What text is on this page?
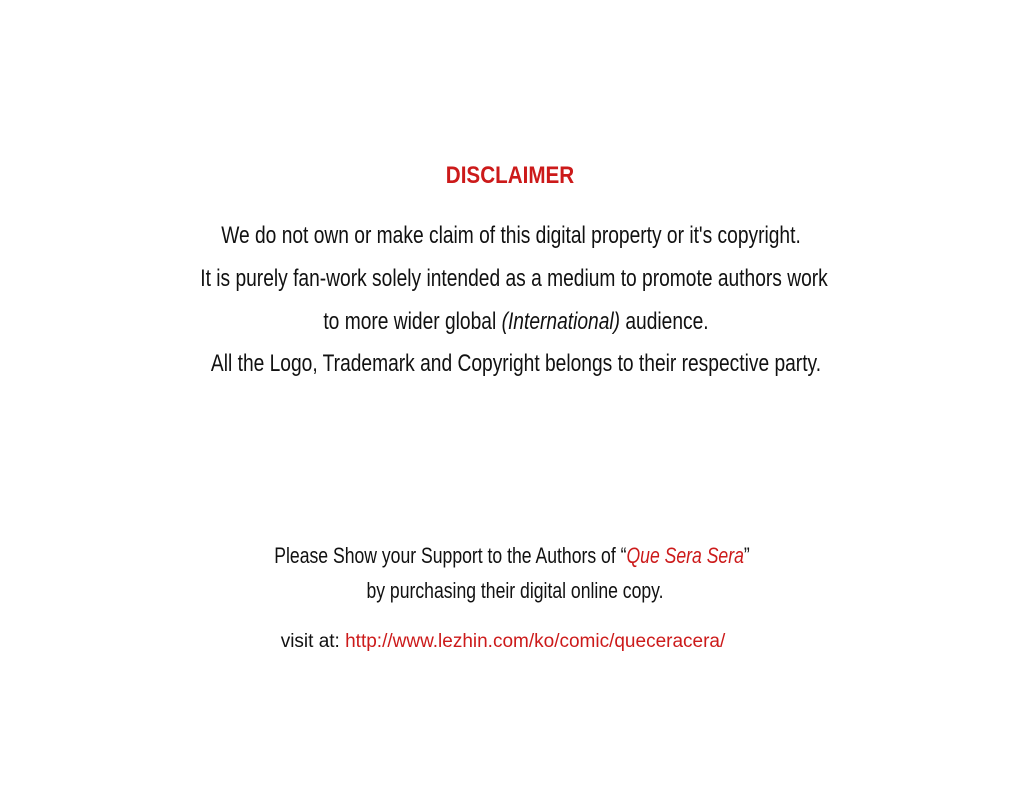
DISCLAIMER
We do not own or make claim of this digital property or it's copyright.
It is purely fan-work solely intended as a medium to promote authors work
to more wider global (International) audience.
All the Logo, Trademark and Copyright belongs to their respective party.
Please Show your Support to the Authors of “Que Sera Sera”
by purchasing their digital online copy.
visit at: http://www.lezhin.com/ko/comic/queceracera/
